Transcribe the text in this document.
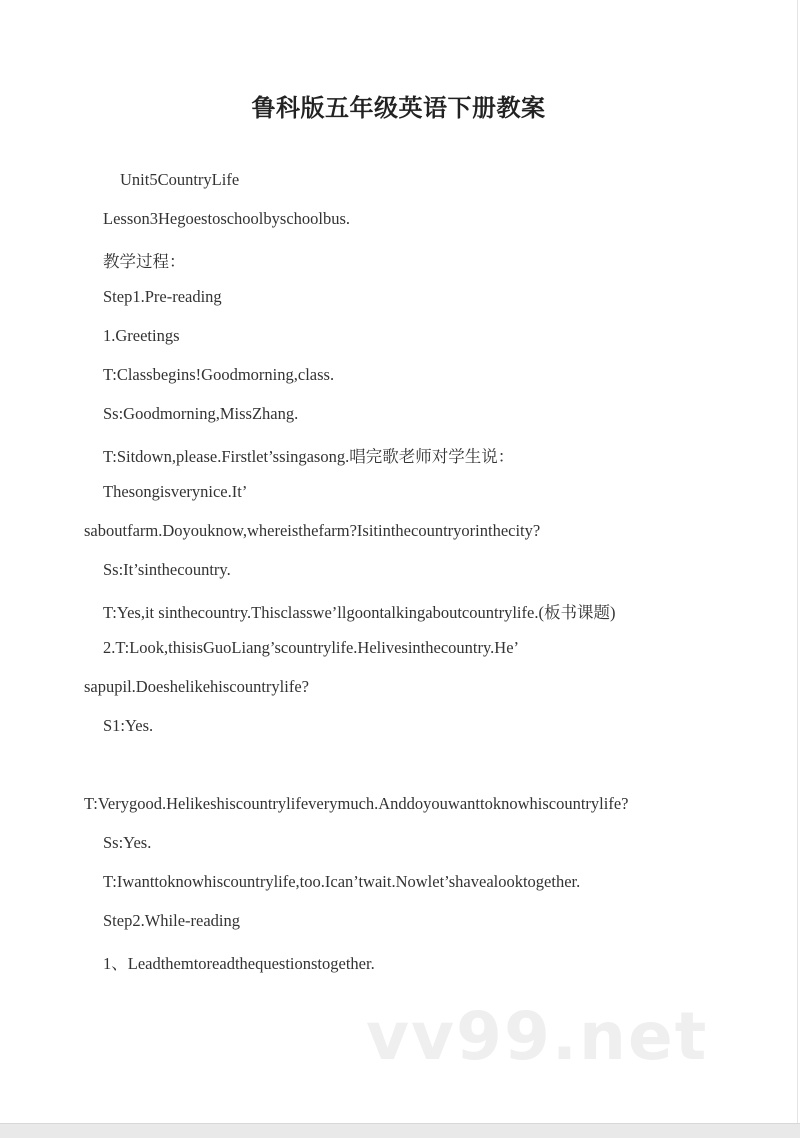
鲁科版五年级英语下册教案
Unit5CountryLife
Lesson3Hegoestoschoolbyschoolbus.
教学过程：
Step1.Pre-reading
1.Greetings
T:Classbegins!Goodmorning,class.
Ss:Goodmorning,MissZhang.
T:Sitdown,please.Firstlet’ssingasong.唱完歌老师对学生说：
Thesongisverynice.It’
saboutfarm.Doyouknow,whereisthefarm?Isitinthecountryorinthecity?
Ss:It’sinthecountry.
T:Yes,it sinthecountry.Thisclasswe’llgoontalkingaboutcountrylife.(板书课题)
2.T:Look,thisisGuoLiang’scountrylife.Helivesinthecountry.He’
sapupil.Doeshelikehiscountrylife?
S1:Yes.
T:Verygood.Helikeshiscountrylifeverymuch.Anddoyouwanttoknowhiscountrylife?
Ss:Yes.
T:Iwanttoknowhiscountrylife,too.Ican’twait.Nowlet’shavealooktogether.
Step2.While-reading
1、Leadthemtoreadthequestionstogether.
vv99.net
